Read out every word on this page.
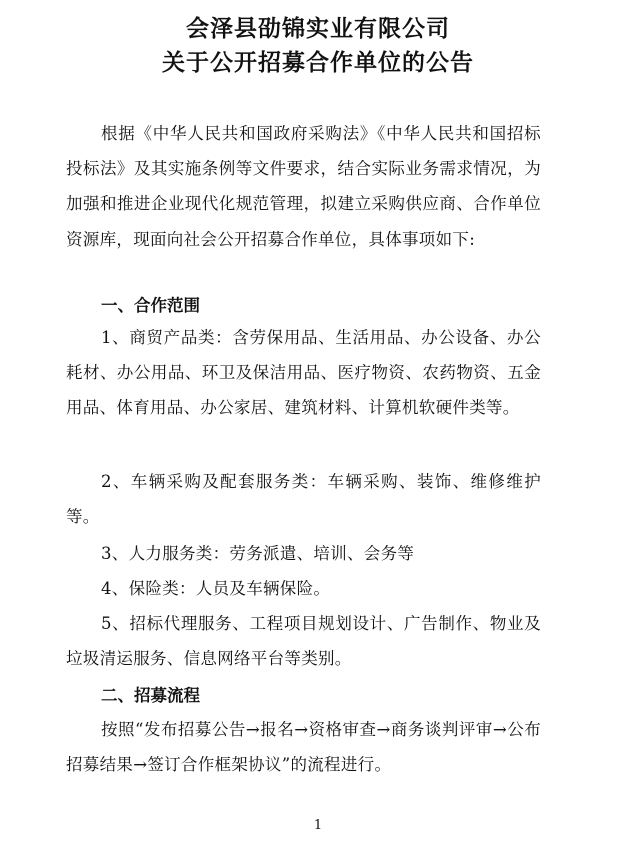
会泽县劭锦实业有限公司
关于公开招募合作单位的公告

根据《中华人民共和国政府采购法》《中华人民共和国招标投标法》及其实施条例等文件要求，结合实际业务需求情况，为加强和推进企业现代化规范管理，拟建立采购供应商、合作单位资源库，现面向社会公开招募合作单位，具体事项如下:

一、合作范围

1、商贸产品类：含劳保用品、生活用品、办公设备、办公耗材、办公用品、环卫及保洁用品、医疗物资、农药物资、五金用品、体育用品、办公家居、建筑材料、计算机软硬件类等。

2、车辆采购及配套服务类：车辆采购、装饰、维修维护等。

3、人力服务类：劳务派遣、培训、会务等

4、保险类：人员及车辆保险。

5、招标代理服务、工程项目规划设计、广告制作、物业及垃圾清运服务、信息网络平台等类别。

二、招募流程

按照“发布招募公告→报名→资格审查→商务谈判评审→公布招募结果→签订合作框架协议”的流程进行。

1
